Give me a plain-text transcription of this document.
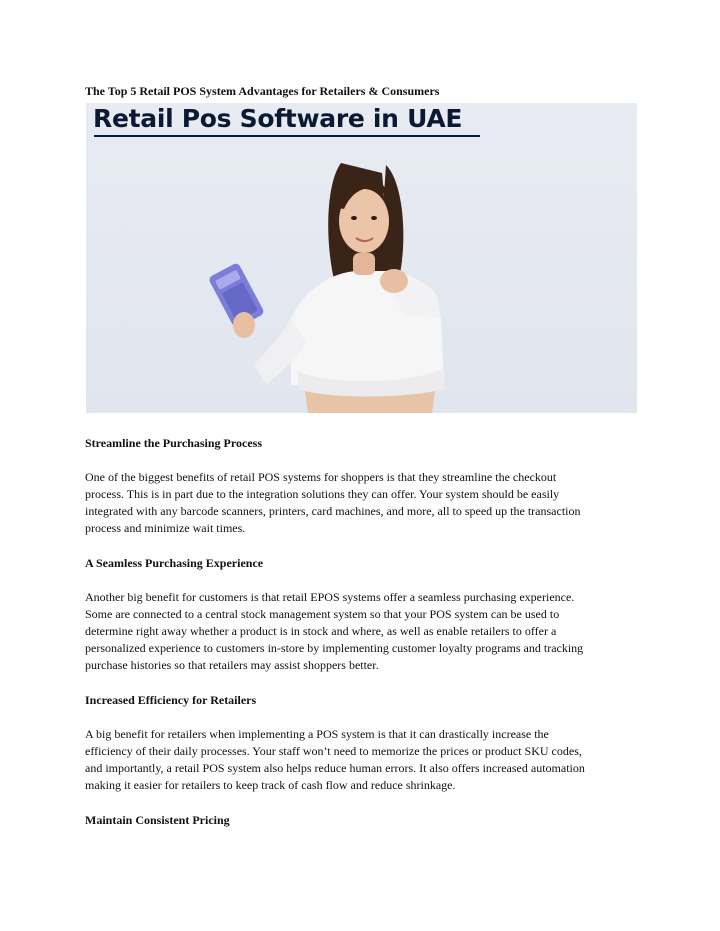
The Top 5 Retail POS System Advantages for Retailers & Consumers
Retail Pos Software in UAE
Streamline the Purchasing Process
One of the biggest benefits of retail POS systems for shoppers is that they streamline the checkout
process. This is in part due to the integration solutions they can offer. Your system should be easily
integrated with any barcode scanners, printers, card machines, and more, all to speed up the transaction
process and minimize wait times.
A Seamless Purchasing Experience
Another big benefit for customers is that retail EPOS systems offer a seamless purchasing experience.
Some are connected to a central stock management system so that your POS system can be used to
determine right away whether a product is in stock and where, as well as enable retailers to offer a
personalized experience to customers in-store by implementing customer loyalty programs and tracking
purchase histories so that retailers may assist shoppers better.
Increased Efficiency for Retailers
A big benefit for retailers when implementing a POS system is that it can drastically increase the
efficiency of their daily processes. Your staff won’t need to memorize the prices or product SKU codes,
and importantly, a retail POS system also helps reduce human errors. It also offers increased automation
making it easier for retailers to keep track of cash flow and reduce shrinkage.
Maintain Consistent Pricing
